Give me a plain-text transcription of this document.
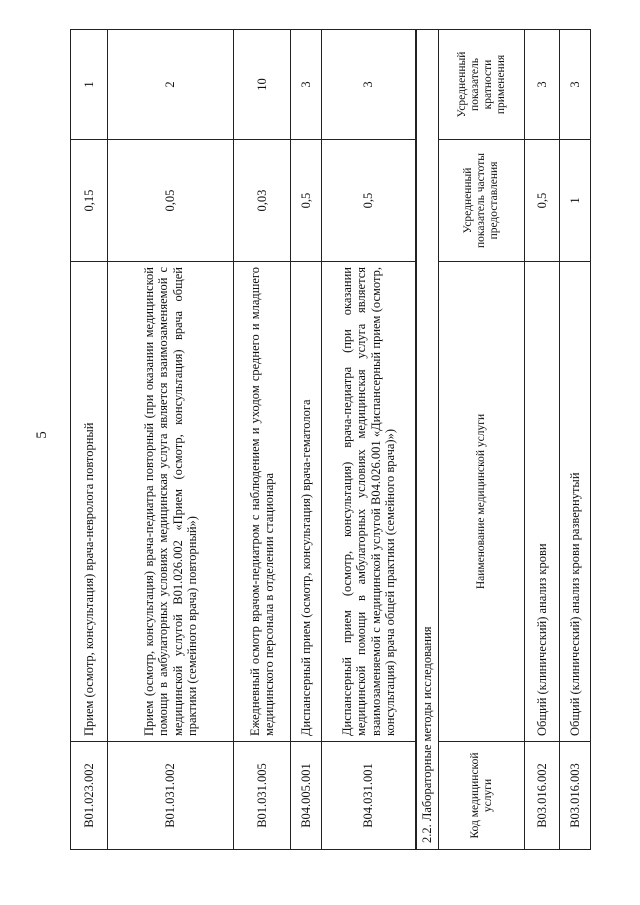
5
B01.023.002	Прием (осмотр, консультация) врача-невролога повторный	0,15	1
B01.031.002	Прием (осмотр, консультация) врача-педиатра повторный (при оказании медицинской помощи в амбулаторных условиях медицинская услуга является взаимозаменяемой с медицинской услугой B01.026.002 «Прием (осмотр, консультация) врача общей практики (семейного врача) повторный»)	0,05	2
B01.031.005	Ежедневный осмотр врачом-педиатром с наблюдением и уходом среднего и младшего медицинского персонала в отделении стационара	0,03	10
B04.005.001	Диспансерный прием (осмотр, консультация) врача-гематолога	0,5	3
B04.031.001	Диспансерный прием (осмотр, консультация) врача-педиатра (при оказании медицинской помощи в амбулаторных условиях медицинская услуга является взаимозаменяемой с медицинской услугой B04.026.001 «Диспансерный прием (осмотр, консультация) врача общей практики (семейного врача)»)	0,5	3
2.2. Лабораторные методы исследования			
Код медицинской услуги	Наименование медицинской услуги	Усредненный показатель частоты предоставления	Усредненный показатель кратности применения
B03.016.002	Общий (клинический) анализ крови	0,5	3
B03.016.003	Общий (клинический) анализ крови развернутый	1	3
